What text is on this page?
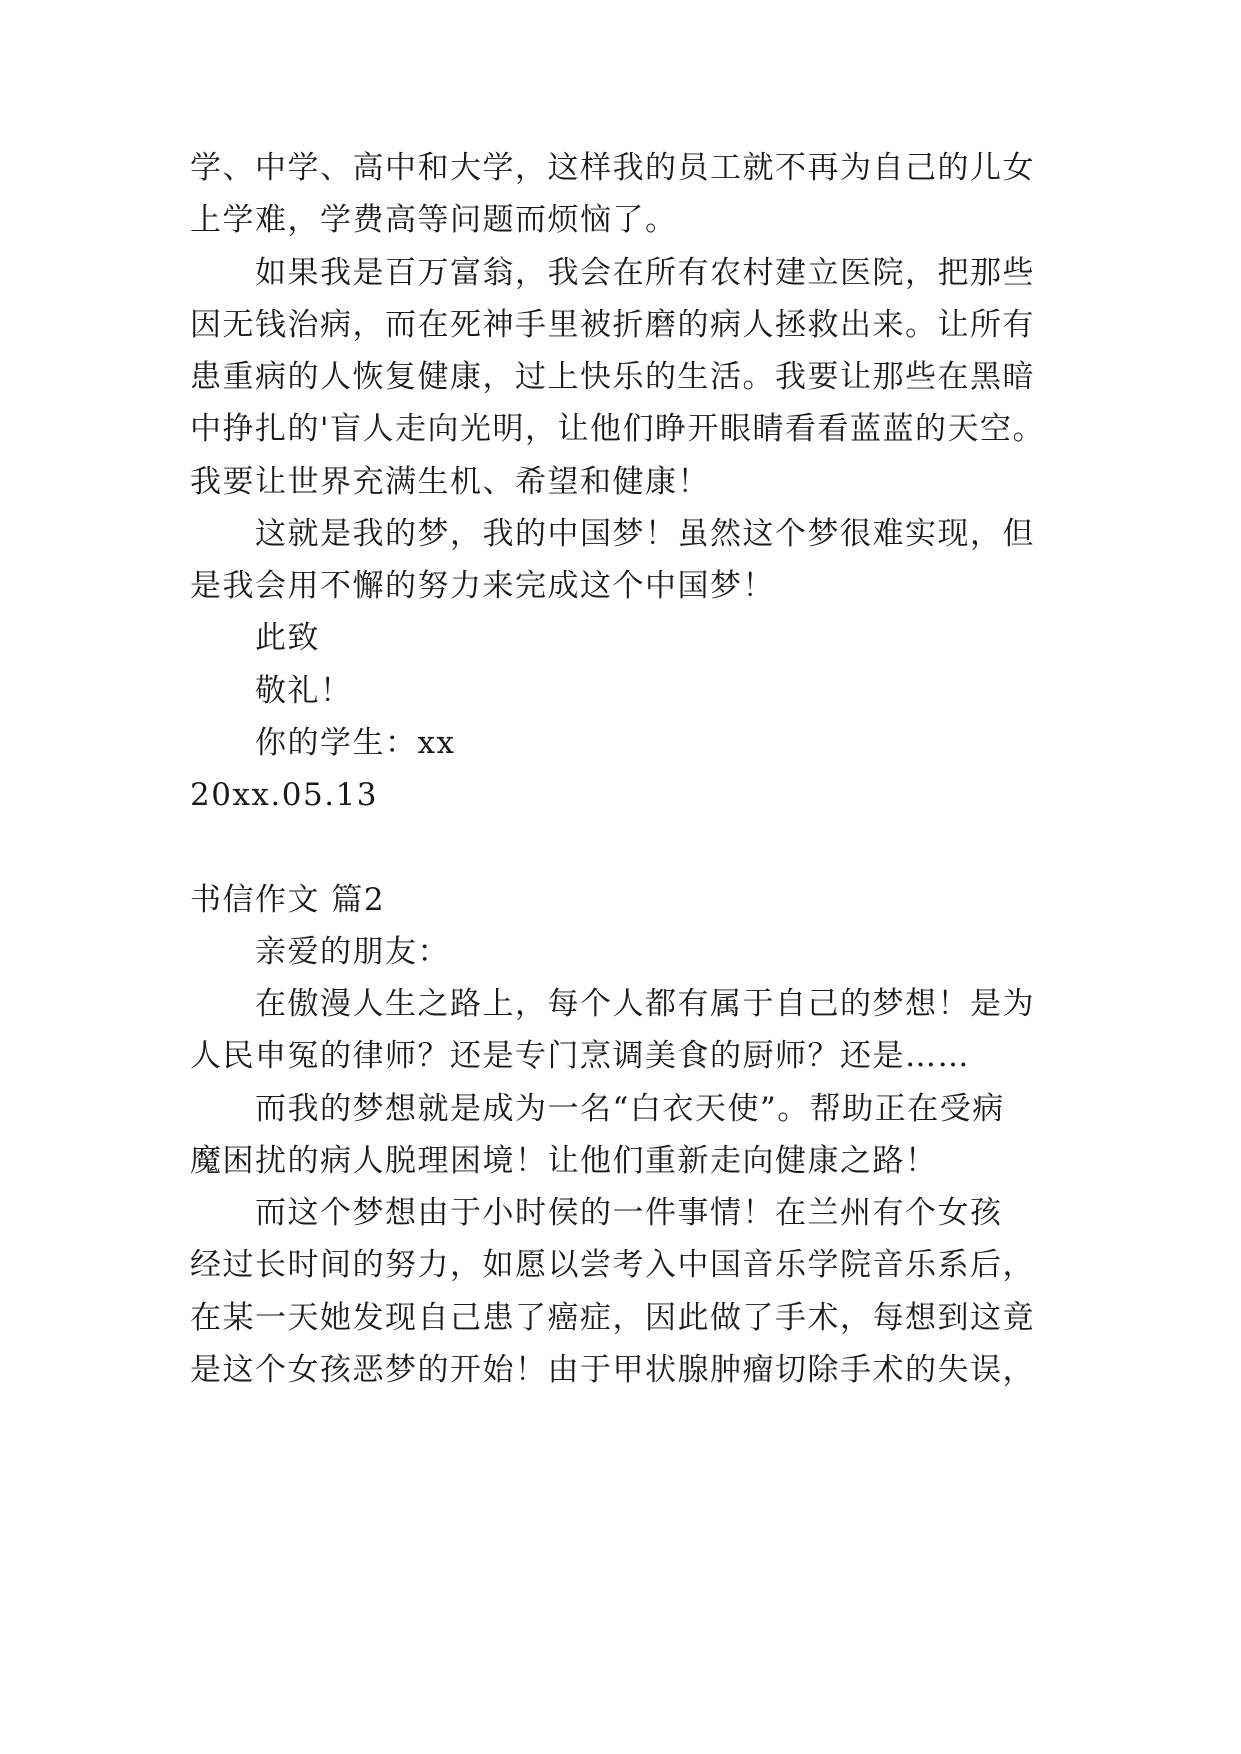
学、中学、高中和大学，这样我的员工就不再为自己的儿女
上学难，学费高等问题而烦恼了。
如果我是百万富翁，我会在所有农村建立医院，把那些
因无钱治病，而在死神手里被折磨的病人拯救出来。让所有
患重病的人恢复健康，过上快乐的生活。我要让那些在黑暗
中挣扎的'盲人走向光明，让他们睁开眼睛看看蓝蓝的天空。
我要让世界充满生机、希望和健康！
这就是我的梦，我的中国梦！虽然这个梦很难实现，但
是我会用不懈的努力来完成这个中国梦！
此致
敬礼！
你的学生：xx
20xx.05.13
书信作文 篇2
亲爱的朋友：
在傲漫人生之路上，每个人都有属于自己的梦想！是为
人民申冤的律师？还是专门烹调美食的厨师？还是……
而我的梦想就是成为一名“白衣天使”。帮助正在受病
魔困扰的病人脱理困境！让他们重新走向健康之路！
而这个梦想由于小时侯的一件事情！在兰州有个女孩
经过长时间的努力，如愿以尝考入中国音乐学院音乐系后，
在某一天她发现自己患了癌症，因此做了手术，每想到这竟
是这个女孩恶梦的开始！由于甲状腺肿瘤切除手术的失误，
